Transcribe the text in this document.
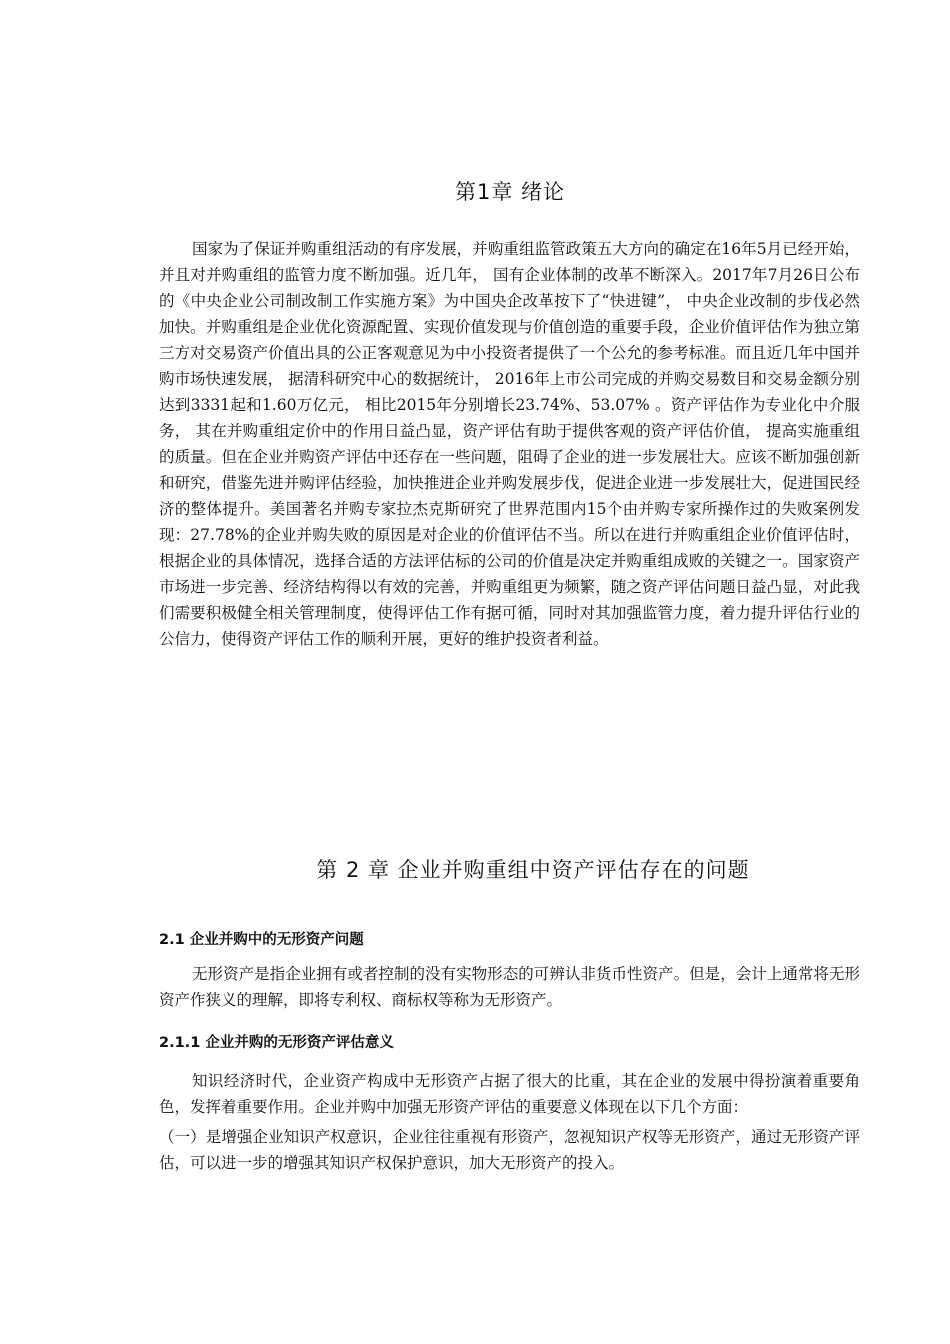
第1章 绪论

国家为了保证并购重组活动的有序发展，并购重组监管政策五大方向的确定在16年5月已经开始，并且对并购重组的监管力度不断加强。近几年， 国有企业体制的改革不断深入。2017年7月26日公布的《中央企业公司制改制工作实施方案》为中国央企改革按下了“快进键”， 中央企业改制的步伐必然加快。并购重组是企业优化资源配置、实现价值发现与价值创造的重要手段，企业价值评估作为独立第三方对交易资产价值出具的公正客观意见为中小投资者提供了一个公允的参考标准。而且近几年中国并购市场快速发展， 据清科研究中心的数据统计， 2016年上市公司完成的并购交易数目和交易金额分别达到3331起和1.60万亿元， 相比2015年分别增长23.74%、53.07% 。资产评估作为专业化中介服务， 其在并购重组定价中的作用日益凸显，资产评估有助于提供客观的资产评估价值， 提高实施重组的质量。但在企业并购资产评估中还存在一些问题，阻碍了企业的进一步发展壮大。应该不断加强创新和研究，借鉴先进并购评估经验，加快推进企业并购发展步伐，促进企业进一步发展壮大，促进国民经济的整体提升。美国著名并购专家拉杰克斯研究了世界范围内15个由并购专家所操作过的失败案例发现：27.78%的企业并购失败的原因是对企业的价值评估不当。所以在进行并购重组企业价值评估时，根据企业的具体情况，选择合适的方法评估标的公司的价值是决定并购重组成败的关键之一。国家资产市场进一步完善、经济结构得以有效的完善，并购重组更为频繁，随之资产评估问题日益凸显，对此我们需要积极健全相关管理制度，使得评估工作有据可循，同时对其加强监管力度，着力提升评估行业的公信力，使得资产评估工作的顺利开展，更好的维护投资者利益。

第 2 章 企业并购重组中资产评估存在的问题
2.1 企业并购中的无形资产问题

无形资产是指企业拥有或者控制的没有实物形态的可辨认非货币性资产。但是，会计上通常将无形资产作狭义的理解，即将专利权、商标权等称为无形资产。

2.1.1 企业并购的无形资产评估意义

知识经济时代，企业资产构成中无形资产占据了很大的比重，其在企业的发展中得扮演着重要角色，发挥着重要作用。企业并购中加强无形资产评估的重要意义体现在以下几个方面：

（一）是增强企业知识产权意识，企业往往重视有形资产，忽视知识产权等无形资产，通过无形资产评估，可以进一步的增强其知识产权保护意识，加大无形资产的投入。
